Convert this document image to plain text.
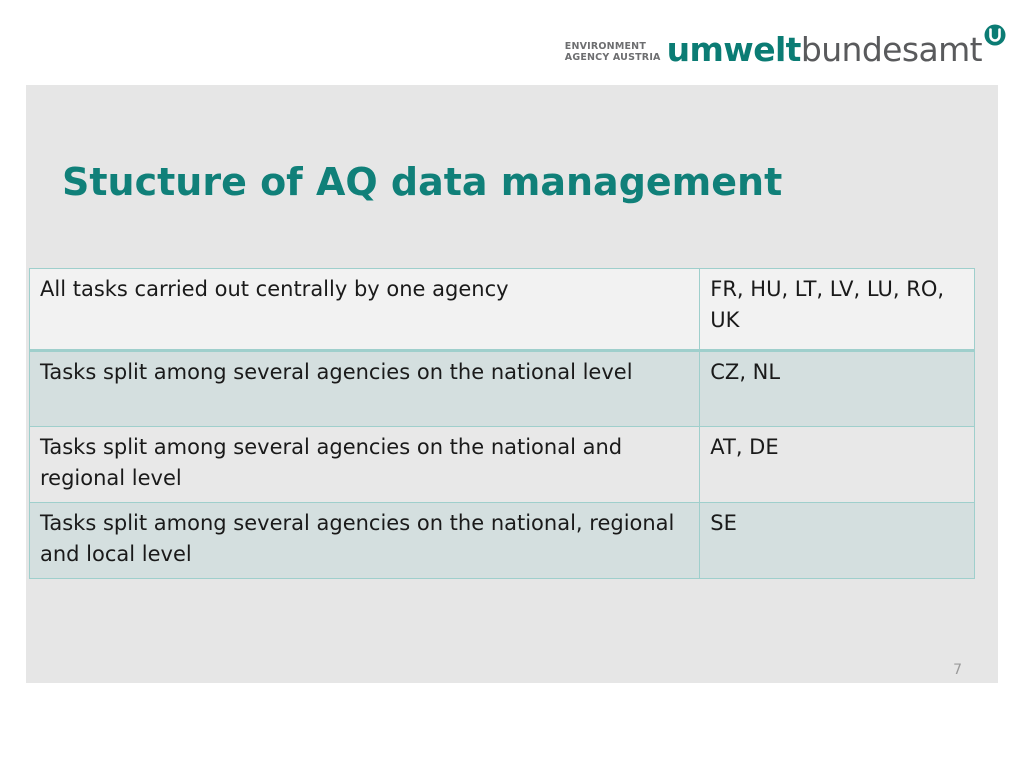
ENVIRONMENT
AGENCY AUSTRIA umweltbundesamt
Stucture of AQ data management
All tasks carried out centrally by one agency	FR, HU, LT, LV, LU, RO, UK
Tasks split among several agencies on the national level	CZ, NL
Tasks split among several agencies on the national and regional level	AT, DE
Tasks split among several agencies on the national, regional and local level	SE
7
